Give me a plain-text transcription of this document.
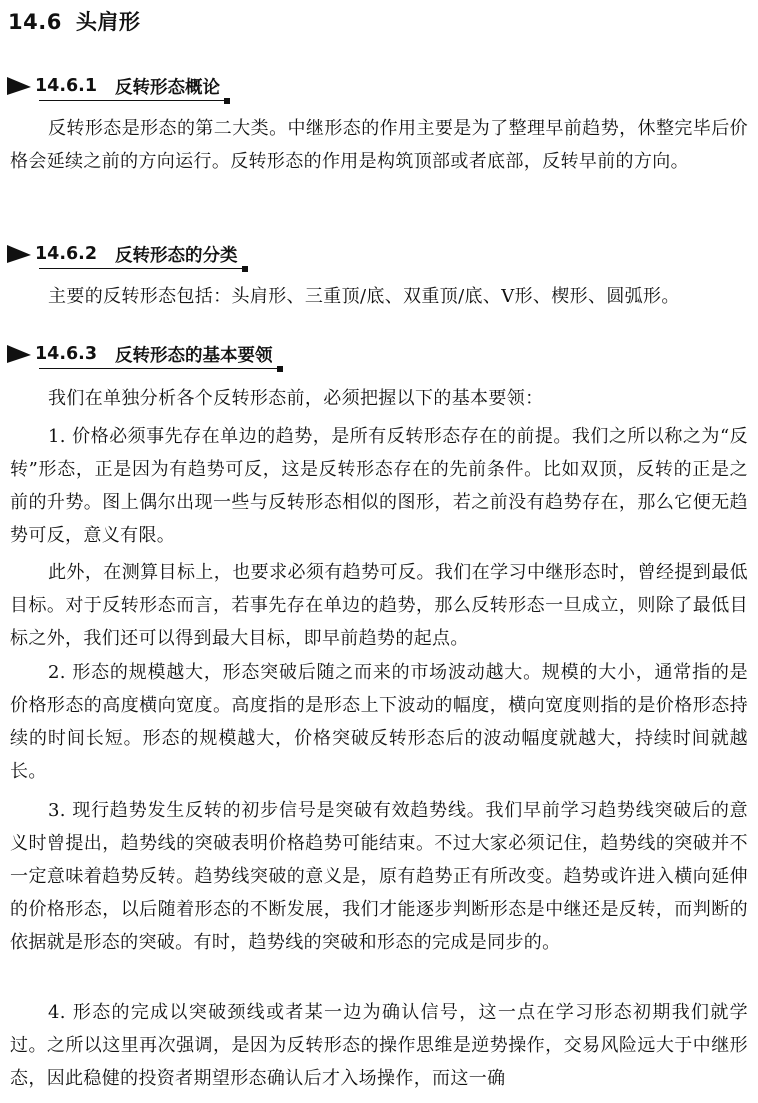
14.6 头肩形
14.6.1 反转形态概论

反转形态是形态的第二大类。中继形态的作用主要是为了整理早前趋势，休整完毕后价格会延续之前的方向运行。反转形态的作用是构筑顶部或者底部，反转早前的方向。

14.6.2 反转形态的分类

主要的反转形态包括：头肩形、三重顶/底、双重顶/底、V形、楔形、圆弧形。

14.6.3 反转形态的基本要领

我们在单独分析各个反转形态前，必须把握以下的基本要领：

1. 价格必须事先存在单边的趋势，是所有反转形态存在的前提。我们之所以称之为“反转”形态，正是因为有趋势可反，这是反转形态存在的先前条件。比如双顶，反转的正是之前的升势。图上偶尔出现一些与反转形态相似的图形，若之前没有趋势存在，那么它便无趋势可反，意义有限。

此外，在测算目标上，也要求必须有趋势可反。我们在学习中继形态时，曾经提到最低目标。对于反转形态而言，若事先存在单边的趋势，那么反转形态一旦成立，则除了最低目标之外，我们还可以得到最大目标，即早前趋势的起点。

2. 形态的规模越大，形态突破后随之而来的市场波动越大。规模的大小，通常指的是价格形态的高度横向宽度。高度指的是形态上下波动的幅度，横向宽度则指的是价格形态持续的时间长短。形态的规模越大，价格突破反转形态后的波动幅度就越大，持续时间就越长。

3. 现行趋势发生反转的初步信号是突破有效趋势线。我们早前学习趋势线突破后的意义时曾提出，趋势线的突破表明价格趋势可能结束。不过大家必须记住，趋势线的突破并不一定意味着趋势反转。趋势线突破的意义是，原有趋势正有所改变。趋势或许进入横向延伸的价格形态，以后随着形态的不断发展，我们才能逐步判断形态是中继还是反转，而判断的依据就是形态的突破。有时，趋势线的突破和形态的完成是同步的。

4. 形态的完成以突破颈线或者某一边为确认信号，这一点在学习形态初期我们就学过。之所以这里再次强调，是因为反转形态的操作思维是逆势操作，交易风险远大于中继形态，因此稳健的投资者期望形态确认后才入场操作，而这一确
